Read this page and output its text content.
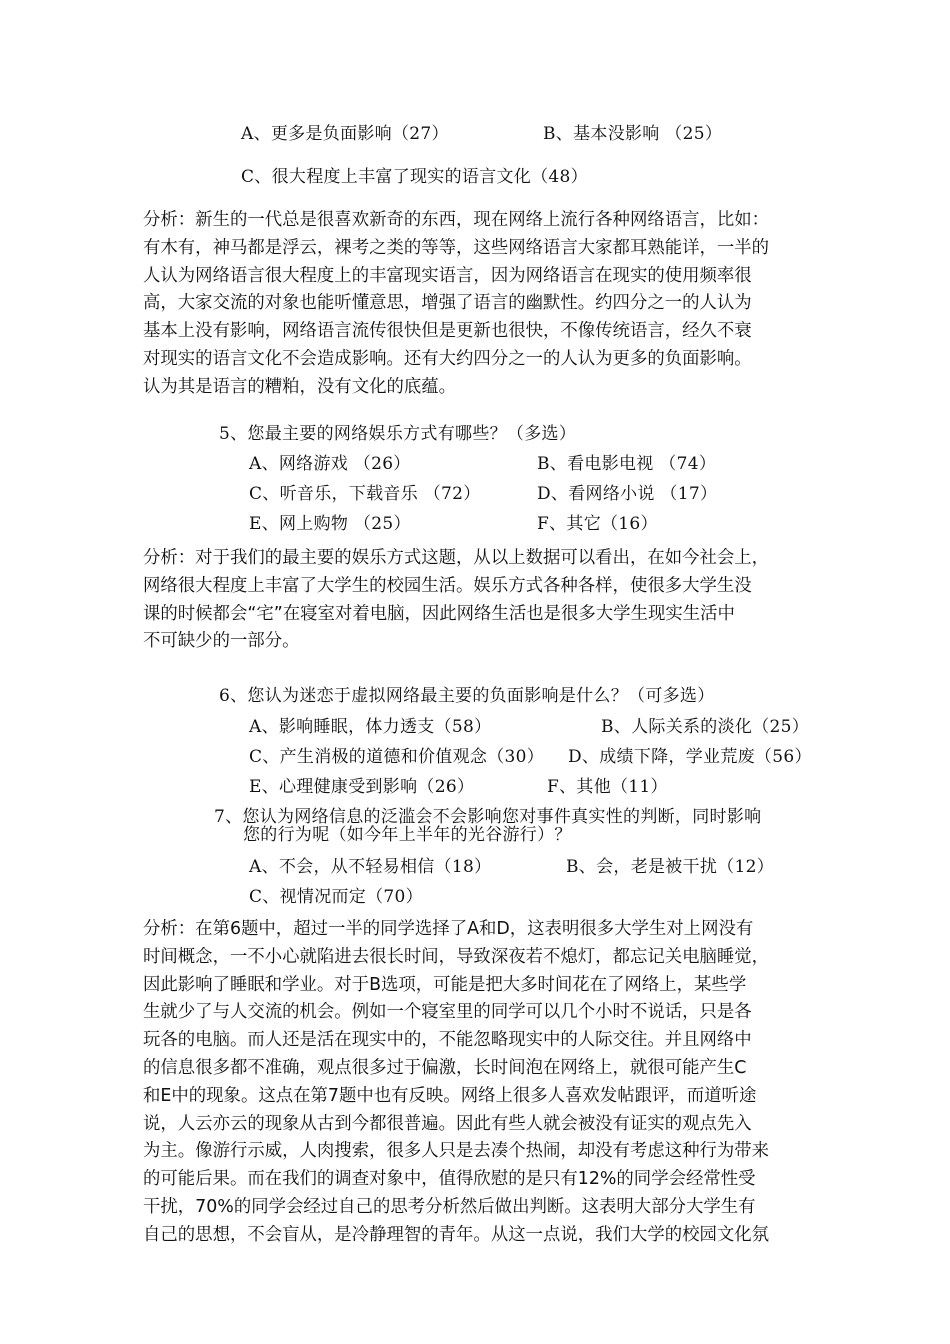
A、更多是负面影响（27）	B、基本没影响 （25）
C、很大程度上丰富了现实的语言文化（48）
分析：新生的一代总是很喜欢新奇的东西，现在网络上流行各种网络语言，比如：
有木有，神马都是浮云，裸考之类的等等，这些网络语言大家都耳熟能详，一半的
人认为网络语言很大程度上的丰富现实语言，因为网络语言在现实的使用频率很
高，大家交流的对象也能听懂意思，增强了语言的幽默性。约四分之一的人认为
基本上没有影响，网络语言流传很快但是更新也很快，不像传统语言，经久不衰
对现实的语言文化不会造成影响。还有大约四分之一的人认为更多的负面影响。
认为其是语言的糟粕，没有文化的底蕴。
5、您最主要的网络娱乐方式有哪些？（多选）
A、网络游戏 （26）	B、看电影电视 （74）
C、听音乐，下载音乐 （72）	D、看网络小说 （17）
E、网上购物 （25）	F、其它（16）
分析：对于我们的最主要的娱乐方式这题，从以上数据可以看出，在如今社会上，
网络很大程度上丰富了大学生的校园生活。娱乐方式各种各样，使很多大学生没
课的时候都会“宅”在寝室对着电脑，因此网络生活也是很多大学生现实生活中
不可缺少的一部分。
6、您认为迷恋于虚拟网络最主要的负面影响是什么？（可多选）
A、影响睡眠，体力透支（58）	B、人际关系的淡化（25）
C、产生消极的道德和价值观念（30） D、成绩下降，学业荒废（56）
E、心理健康受到影响（26）	F、其他（11）
7、您认为网络信息的泛滥会不会影响您对事件真实性的判断，同时影响
您的行为呢（如今年上半年的光谷游行）？
A、不会，从不轻易相信（18）	B、会，老是被干扰（12）
C、视情况而定（70）
分析：在第6题中，超过一半的同学选择了A和D，这表明很多大学生对上网没有
时间概念，一不小心就陷进去很长时间，导致深夜若不熄灯，都忘记关电脑睡觉，
因此影响了睡眠和学业。对于B选项，可能是把大多时间花在了网络上，某些学
生就少了与人交流的机会。例如一个寝室里的同学可以几个小时不说话，只是各
玩各的电脑。而人还是活在现实中的，不能忽略现实中的人际交往。并且网络中
的信息很多都不准确，观点很多过于偏激，长时间泡在网络上，就很可能产生C
和E中的现象。这点在第7题中也有反映。网络上很多人喜欢发帖跟评，而道听途
说，人云亦云的现象从古到今都很普遍。因此有些人就会被没有证实的观点先入
为主。像游行示威，人肉搜索，很多人只是去凑个热闹，却没有考虑这种行为带来
的可能后果。而在我们的调查对象中，值得欣慰的是只有12%的同学会经常性受
干扰，70%的同学会经过自己的思考分析然后做出判断。这表明大部分大学生有
自己的思想，不会盲从，是冷静理智的青年。从这一点说，我们大学的校园文化氛
